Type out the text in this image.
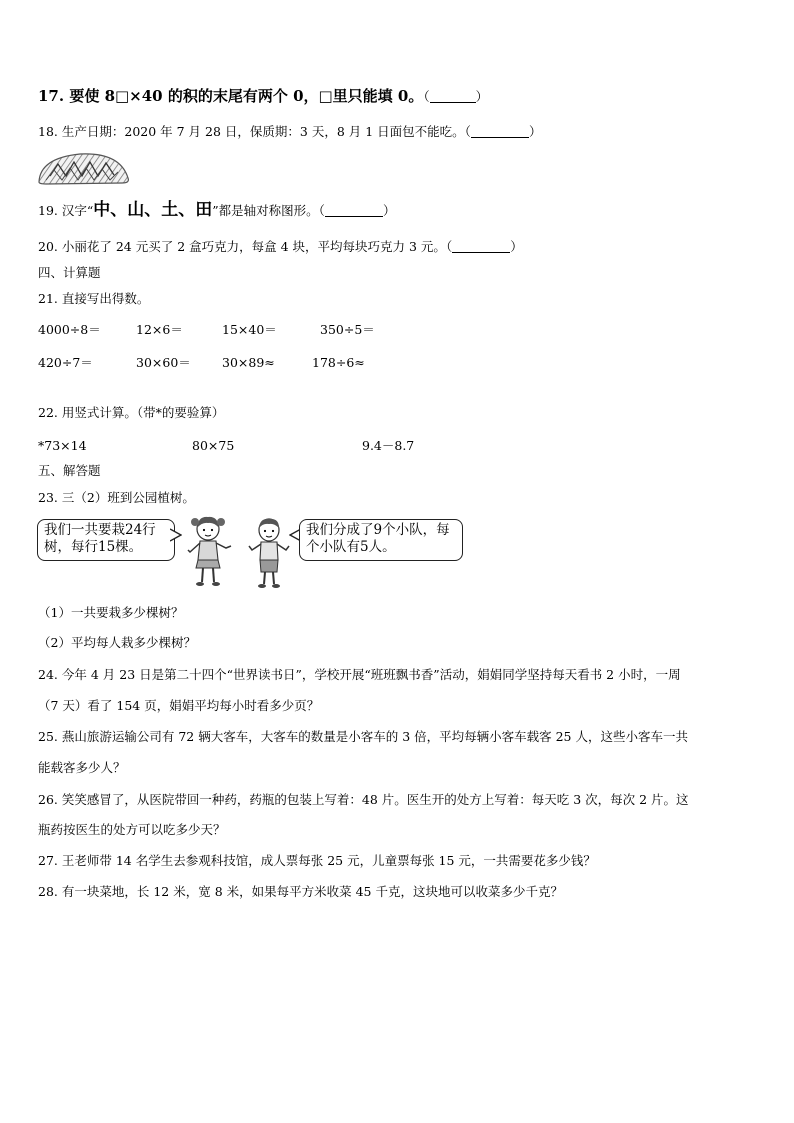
17. 要使 8□×40 的积的末尾有两个 0，□里只能填 0。（	）
18. 生产日期：2020 年 7 月 28 日，保质期：3 天，8 月 1 日面包不能吃。（	）
19. 汉字“中、山、土、田”都是轴对称图形。（	）
20. 小丽花了 24 元买了 2 盒巧克力，每盒 4 块，平均每块巧克力 3 元。（	）
四、计算题
21. 直接写出得数。
4000÷8＝	12×6＝	15×40＝	350÷5＝
420÷7＝	30×60＝ 30×89≈	178÷6≈
22. 用竖式计算。（带*的要验算）
*73×14	80×75	9.4－8.7
五、解答题
23. 三（2）班到公园植树。
我们一共要栽24行树，每行15棵。
我们分成了9个小队，每个小队有5人。
（1）一共要栽多少棵树？
（2）平均每人栽多少棵树？
24. 今年 4 月 23 日是第二十四个“世界读书日”，学校开展“班班飘书香”活动，娟娟同学坚持每天看书 2 小时，一周
（7 天）看了 154 页，娟娟平均每小时看多少页？
25. 燕山旅游运输公司有 72 辆大客车，大客车的数量是小客车的 3 倍，平均每辆小客车载客 25 人，这些小客车一共
能载客多少人？
26. 笑笑感冒了，从医院带回一种药，药瓶的包装上写着：48 片。医生开的处方上写着：每天吃 3 次，每次 2 片。这
瓶药按医生的处方可以吃多少天？
27. 王老师带 14 名学生去参观科技馆，成人票每张 25 元，儿童票每张 15 元，一共需要花多少钱？
28. 有一块菜地，长 12 米，宽 8 米，如果每平方米收菜 45 千克，这块地可以收菜多少千克？
